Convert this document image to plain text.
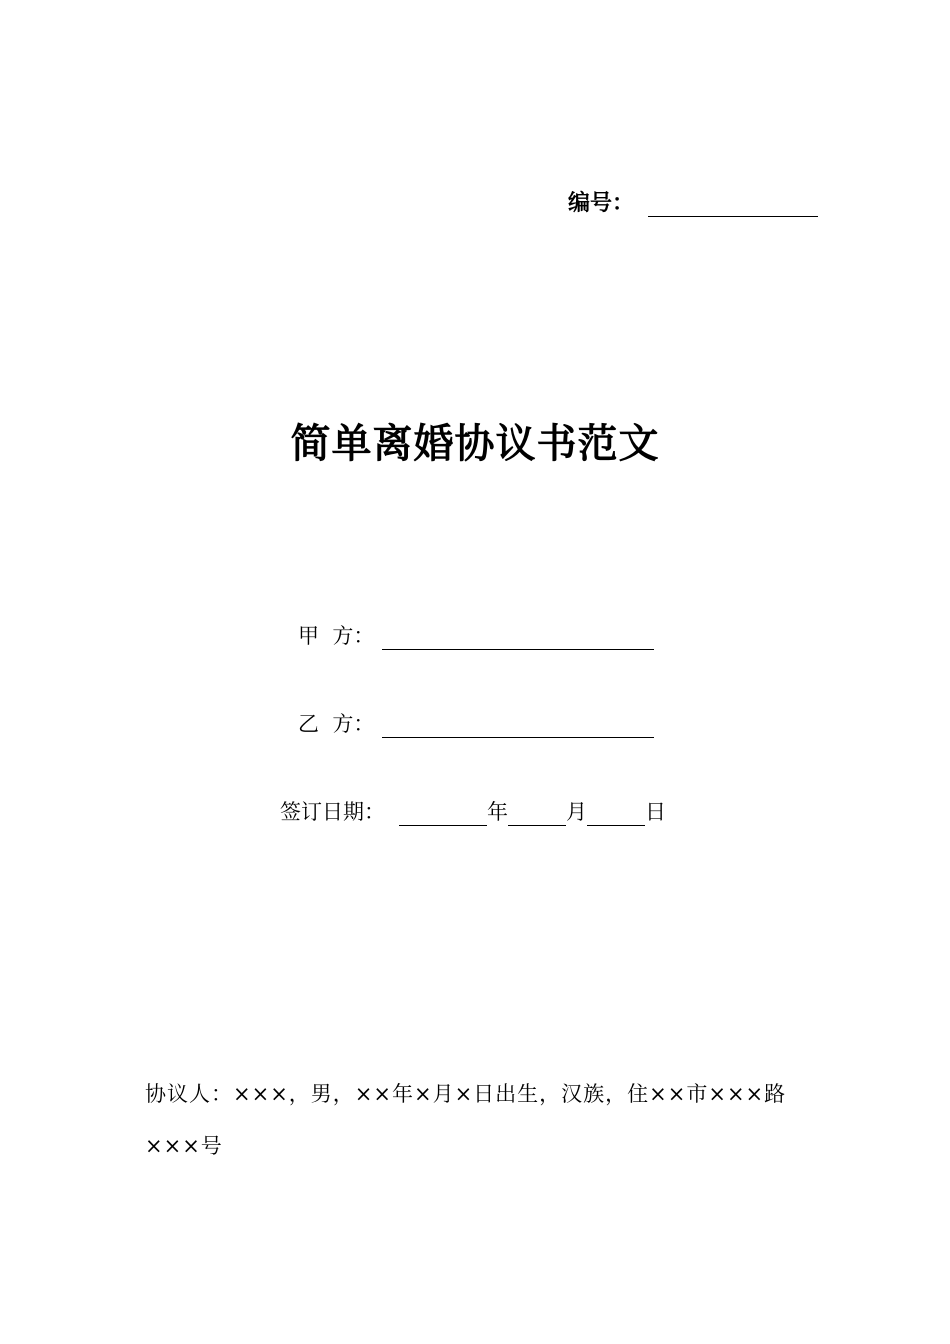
编号：
简单离婚协议书范文
甲  方：
乙  方：
签订日期：	年	月	日
协议人：×××，男，××年×月×日出生，汉族，住××市×××路×××号
